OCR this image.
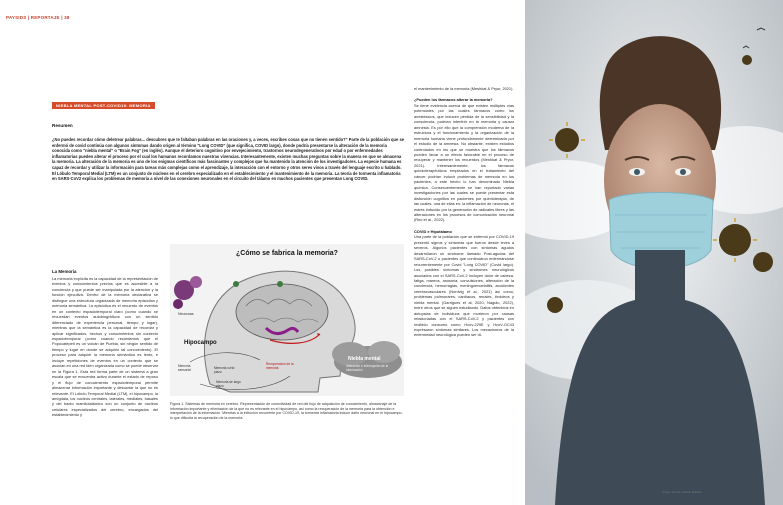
PAYSIDS | REPORTAJE | 38
NIEBLA MENTAL POST-COVID19: MEMORIA
Resumen
¿No puedes recordar cómo deletrear palabras... descubres que te faltaban palabras en las oraciones y, a veces, escribes cosas que no tienen sentido?" Parte de la población que se enfermó de covid continúa con algunos síntomas dando origen al término "Long COVID" (que significa, COVID largo), donde podría presentarse la alteración de la memoria conocida como "niebla mental" o "Brain Fog" (en inglés). Aunque el deterioro cognitivo por envejecimiento, trastornos neurodegenerativos por edad o por enfermedades inflamatorias pueden alterar el proceso por el cual los humanos recordamos nuestras vivencias. Interesantemente, existen muchas preguntas sobre la manera en que se almacena la memoria. La alteración de la memoria es uno de los enigmas científicos más fascinantes y complejos que ha mantenido la atención de los investigadores. La especie humana es capaz de recordar y utilizar la información para tareas más complejas como el aprendizaje, la interacción con el entorno y otros seres vivos a través del lenguaje escrito u hablado. El Lóbulo Temporal Medial (LTM) es un conjunto de núcleos en el cerebro especializado en el establecimiento y el mantenimiento de la memoria. La teoría de tormenta inflamatoria en SARS-CoV2 explica los problemas de memoria a nivel de las conexiones neuronales en el circuito del tálamo en muchos pacientes que presentan Long COVID.
La Memoria
La memoria explícita es la capacidad de la representación de eventos y conocimientos previos que es accesible a la conciencia y que puede ser manipulada por la atención y la función ejecutiva. Dentro de la memoria declarativa se distingue una estructura organizada de memoria episódica y memoria semántica. La episódica es el recuerdo de eventos en un contexto espaciotemporal claro (como cuando se recuerdan eventos autobiográficos con un sentido diferenciado de experiencia personal, tiempo y lugar), mientras que la semántica es la capacidad de recordar y aplicar significados, hechos y conocimientos sin contexto espaciotemporal (como cuando recordamos que el Popocatépetl es un volcán de Puebla, sin ningún sentido de tiempo y lugar en donde se adquirió tal conocimiento). El proceso para adquirir la memoria semántica es lento, e incluye repeticiones de eventos en un contexto que se asocian en una red bien organizada como se puede observar en la Figura 1. Esta red forma parte de un sistema a gran escala que se encuentra activo durante el estado de reposo y el flujo de conocimiento espaciotemporal permite almacenar información importante y descartar la que no es relevante. El Lóbulo Temporal Medial (LTM), el hipocampo, la amígdala, los núcleos centrales, laterales, mediales, basales y del tracto mamilotalámico son un conjunto de núcleos celulares especializados del cerebro, encargados del establecimiento y
¿Cómo se fabrica la memoria?
Neuronas
Hipocampo
Niebla mental
Alteración e interrupción de la información
Memoria sensorial	Memoria corto plazo
Memoria de largo plazo
Recuperación de la memoria
Figura 1. Sistemas de memoria en cerebro. Representación de conectividad de red del flujo de adquisición de conocimiento, almacenaje de la información importante y eliminación de la que no es relevante en el hipocampo, así como la recuperación de la memoria para la obtención e interpretación de la información. Mientras a la infección recurrente por COVID-19, la tormenta inflamatoria induce daño neuronal en el hipocampo, lo que dificulta la recuperación de la memoria.

el mantenimiento de la memoria (Meshkat & Pryor, 2021).

¿Pueden los fármacos alterar la memoria?

Se tiene evidencia acerca de que existen múltiples vías potenciales por las cuales fármacos como los anestésicos, que inducen pérdida de la sensibilidad y la consciencia, podrían interferir en la memoria y causar amnesia. Es por ello que la comprensión moderna de la estructura y el funcionamiento y la organización de la memoria humana viene profundamente determinada por el estudio de la amnesia. No obstante, existen estudios controlados en los que se muestra que los fármacos pueden llevar a un efecto favorable en el proceso de recuperar y mantener los recuerdos (Meshkat & Pryor, 2021). Interesantemente, los fármacos quimioterapéuticos empleados en el tratamiento del cáncer podrían inducir problemas de memoria en los pacientes, a este hecho lo han denominado Niebla química. Consecuentemente se han reportado varias investigaciones por las cuales se puede presentar esta disfunción cognitiva en pacientes por quimioterapia, de las cuales, una de ellas es: la inflamación de neuronas, el estrés inducido por la generación de radicales libres y las alteraciones en los procesos de comunicación neuronal (Reo et al., 2022).

COVID e Hipotálamo

Una parte de la población que se enfermó por COVID-19 presentó signos y síntomas que fueron desde leves a severos. Algunos pacientes con síntomas agudos desarrollaron un síndrome llamado Post-agudas del SARS-CoV-2 o pacientes que continuaron enfermándose recurrentemente por Covid "Long COVID" (Covid largo). Los posibles síntomas y síndromes neurológicos asociados con el SARS-CoV-2 incluyen dolor de cabeza, fatiga, mareos, anosmia, convulsiones, alteración de la conciencia, hemorragias, meningoencefalitis, accidentes cerebrovasculares (Nordvig et al., 2021) así como, problemas pulmonares, cardíacos, renales, tiroideos y niebla mental. (Garrigues et al, 2020; Nagulu, 2022), entre otros que se siguen estudiando. Datos obtenidos en autopsias de individuos que murieron por causas relacionadas con el SARS-CoV-2 y pacientes con recibido consumo como Hcov-229E y HcoV-OC43 expresaron síntomas similares. Los mecanismos de la enfermedad neurológica pueden ser di-

Imagen: Freepik / Diseño Editorial
